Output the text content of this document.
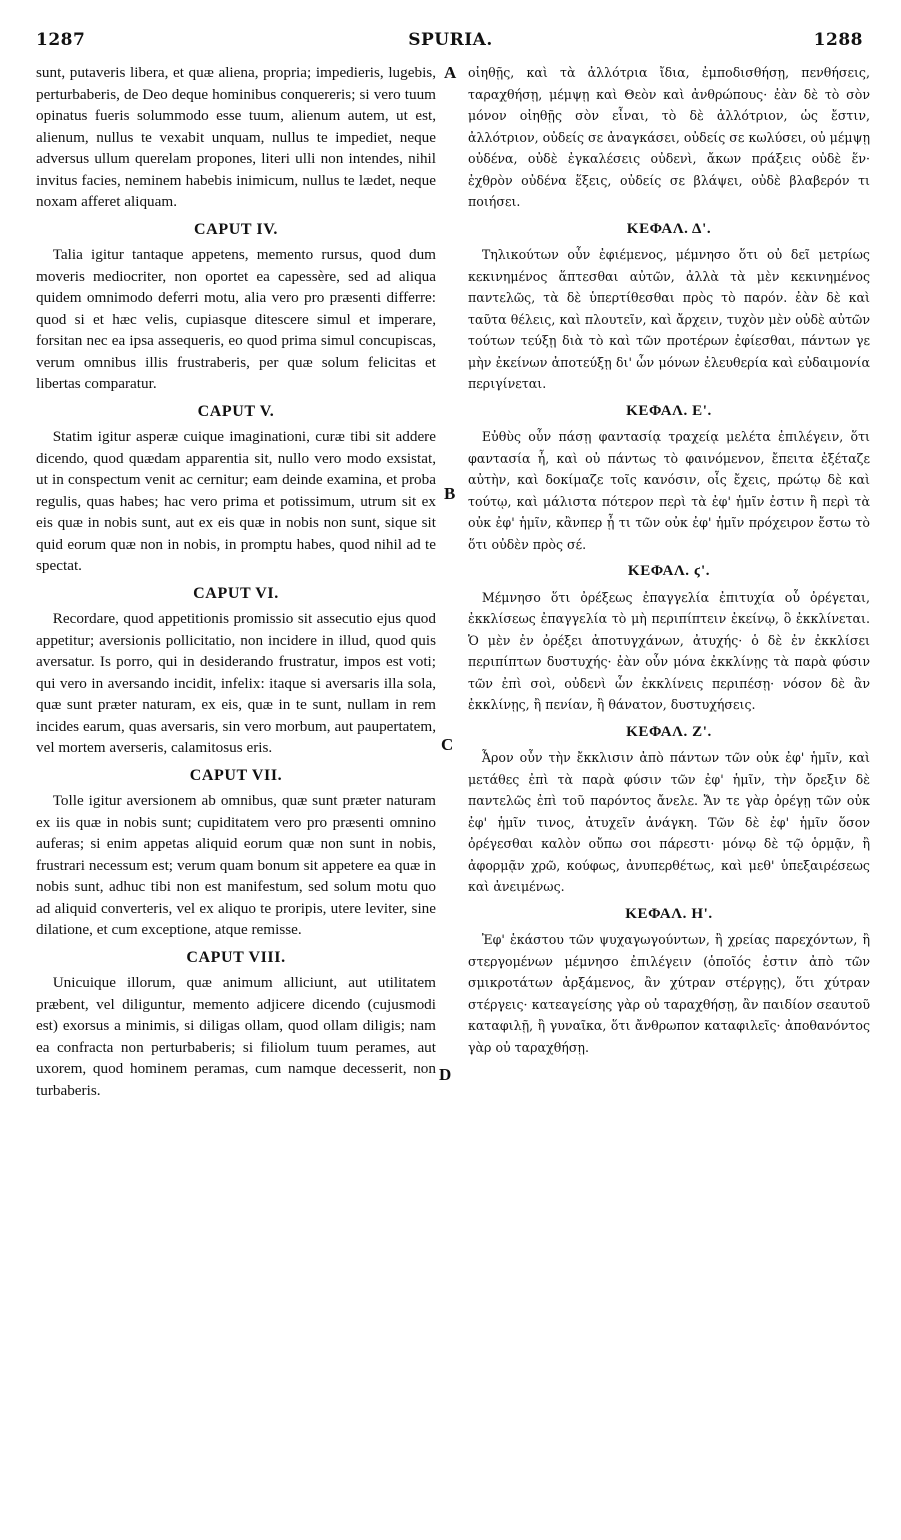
1287	SPURIA.	1288
A
B
C
D

sunt, putaveris libera, et quæ aliena, propria; impedieris, lugebis, perturbaberis, de Deo deque hominibus conquereris; si vero tuum opinatus fueris solummodo esse tuum, alienum autem, ut est, alienum, nullus te vexabit unquam, nullus te impediet, neque adversus ullum querelam propones, literi ulli non intendes, nihil invitus facies, neminem habebis inimicum, nullus te lædet, neque noxam afferet aliquam.

CAPUT IV.

Talia igitur tantaque appetens, memento rursus, quod dum moveris mediocriter, non oportet ea capessère, sed ad aliqua quidem omnimodo deferri motu, alia vero pro præsenti differre: quod si et hæc velis, cupiasque ditescere simul et imperare, forsitan nec ea ipsa assequeris, eo quod prima simul concupiscas, verum omnibus illis frustraberis, per quæ solum felicitas et libertas comparatur.

CAPUT V.

Statim igitur asperæ cuique imaginationi, curæ tibi sit addere dicendo, quod quædam apparentia sit, nullo vero modo exsistat, ut in conspectum venit ac cernitur; eam deinde examina, et proba regulis, quas habes; hac vero prima et potissimum, utrum sit ex eis quæ in nobis sunt, aut ex eis quæ in nobis non sunt, sique sit quid eorum quæ non in nobis, in promptu habes, quod nihil ad te spectat.

CAPUT VI.

Recordare, quod appetitionis promissio sit assecutio ejus quod appetitur; aversionis pollicitatio, non incidere in illud, quod quis aversatur. Is porro, qui in desiderando frustratur, impos est voti; qui vero in aversando incidit, infelix: itaque si aversaris illa sola, quæ sunt præter naturam, ex eis, quæ in te sunt, nullam in rem incides earum, quas aversaris, sin vero morbum, aut paupertatem, vel mortem averseris, calamitosus eris.

CAPUT VII.

Tolle igitur aversionem ab omnibus, quæ sunt præter naturam ex iis quæ in nobis sunt; cupiditatem vero pro præsenti omnino auferas; si enim appetas aliquid eorum quæ non sunt in nobis, frustrari necessum est; verum quam bonum sit appetere ea quæ in nobis sunt, adhuc tibi non est manifestum, sed solum motu quo ad aliquid converteris, vel ex aliquo te proripis, utere leviter, sine dilatione, et cum exceptione, atque remisse.

CAPUT VIII.

Unicuique illorum, quæ animum alliciunt, aut utilitatem præbent, vel diliguntur, memento adjicere dicendo (cujusmodi est) exorsus a minimis, si diligas ollam, quod ollam diligis; nam ea confracta non perturbaberis; si filiolum tuum perames, aut uxorem, quod hominem peramas, cum namque decesserit, non turbaberis.

οἰηθῇς, καὶ τὰ ἀλλότρια ἴδια, ἐμποδισθήσῃ, πενθήσεις, ταραχθήσῃ, μέμψῃ καὶ Θεὸν καὶ ἀνθρώπους· ἐὰν δὲ τὸ σὸν μόνον οἰηθῇς σὸν εἶναι, τὸ δὲ ἀλλότριον, ὡς ἔστιν, ἀλλότριον, οὐδείς σε ἀναγκάσει, οὐδείς σε κωλύσει, οὐ μέμψῃ οὐδένα, οὐδὲ ἐγκαλέσεις οὐδενὶ, ἄκων πράξεις οὐδὲ ἕν· ἐχθρὸν οὐδένα ἕξεις, οὐδείς σε βλάψει, οὐδὲ βλαβερόν τι ποιήσει.

ΚΕΦΑΛ. Δ'.

Τηλικούτων οὖν ἐφιέμενος, μέμνησο ὅτι οὐ δεῖ μετρίως κεκινημένος ἅπτεσθαι αὐτῶν, ἀλλὰ τὰ μὲν κεκινημένος παντελῶς, τὰ δὲ ὑπερτίθεσθαι πρὸς τὸ παρόν. ἐὰν δὲ καὶ ταῦτα θέλεις, καὶ πλουτεῖν, καὶ ἄρχειν, τυχὸν μὲν οὐδὲ αὐτῶν τούτων τεύξῃ διὰ τὸ καὶ τῶν προτέρων ἐφίεσθαι, πάντων γε μὴν ἐκείνων ἀποτεύξῃ δι' ὧν μόνων ἐλευθερία καὶ εὐδαιμονία περιγίνεται.

ΚΕΦΑΛ. Ε'.

Εὐθὺς οὖν πάσῃ φαντασίᾳ τραχείᾳ μελέτα ἐπιλέγειν, ὅτι φαντασία ἦ, καὶ οὐ πάντως τὸ φαινόμενον, ἔπειτα ἐξέταζε αὐτὴν, καὶ δοκίμαζε τοῖς κανόσιν, οἷς ἔχεις, πρώτῳ δὲ καὶ τούτῳ, καὶ μάλιστα πότερον περὶ τὰ ἐφ' ἡμῖν ἐστιν ἢ περὶ τὰ οὐκ ἐφ' ἡμῖν, κἂνπερ ᾖ τι τῶν οὐκ ἐφ' ἡμῖν πρόχειρον ἔστω τὸ ὅτι οὐδὲν πρὸς σέ.

ΚΕΦΑΛ. ϛ'.

Μέμνησο ὅτι ὀρέξεως ἐπαγγελία ἐπιτυχία οὗ ὀρέγεται, ἐκκλίσεως ἐπαγγελία τὸ μὴ περιπίπτειν ἐκείνῳ, ὃ ἐκκλίνεται. Ὁ μὲν ἐν ὀρέξει ἀποτυγχάνων, ἀτυχής· ὁ δὲ ἐν ἐκκλίσει περιπίπτων δυστυχής· ἐὰν οὖν μόνα ἐκκλίνῃς τὰ παρὰ φύσιν τῶν ἐπὶ σοὶ, οὐδενὶ ὧν ἐκκλίνεις περιπέσῃ· νόσον δὲ ἂν ἐκκλίνῃς, ἢ πενίαν, ἢ θάνατον, δυστυχήσεις.

ΚΕΦΑΛ. Ζ'.

Ἆρον οὖν τὴν ἔκκλισιν ἀπὸ πάντων τῶν οὐκ ἐφ' ἡμῖν, καὶ μετάθες ἐπὶ τὰ παρὰ φύσιν τῶν ἐφ' ἡμῖν, τὴν ὄρεξιν δὲ παντελῶς ἐπὶ τοῦ παρόντος ἄνελε. Ἄν τε γὰρ ὀρέγῃ τῶν οὐκ ἐφ' ἡμῖν τινος, ἀτυχεῖν ἀνάγκη. Τῶν δὲ ἐφ' ἡμῖν ὅσον ὀρέγεσθαι καλὸν οὔπω σοι πάρεστι· μόνῳ δὲ τῷ ὁρμᾷν, ἢ ἀφορμᾷν χρῶ, κούφως, ἀνυπερθέτως, καὶ μεθ' ὑπεξαιρέσεως καὶ ἀνειμένως.

ΚΕΦΑΛ. Η'.

Ἐφ' ἑκάστου τῶν ψυχαγωγούντων, ἢ χρείας παρεχόντων, ἢ στεργομένων μέμνησο ἐπιλέγειν (ὁποῖός ἐστιν ἀπὸ τῶν σμικροτάτων ἀρξάμενος, ἂν χύτραν στέργῃς), ὅτι χύτραν στέργεις· κατεαγείσης γὰρ οὐ ταραχθήσῃ, ἂν παιδίον σεαυτοῦ καταφιλῇ, ἢ γυναῖκα, ὅτι ἄνθρωπον καταφιλεῖς· ἀποθανόντος γὰρ οὐ ταραχθήσῃ.
